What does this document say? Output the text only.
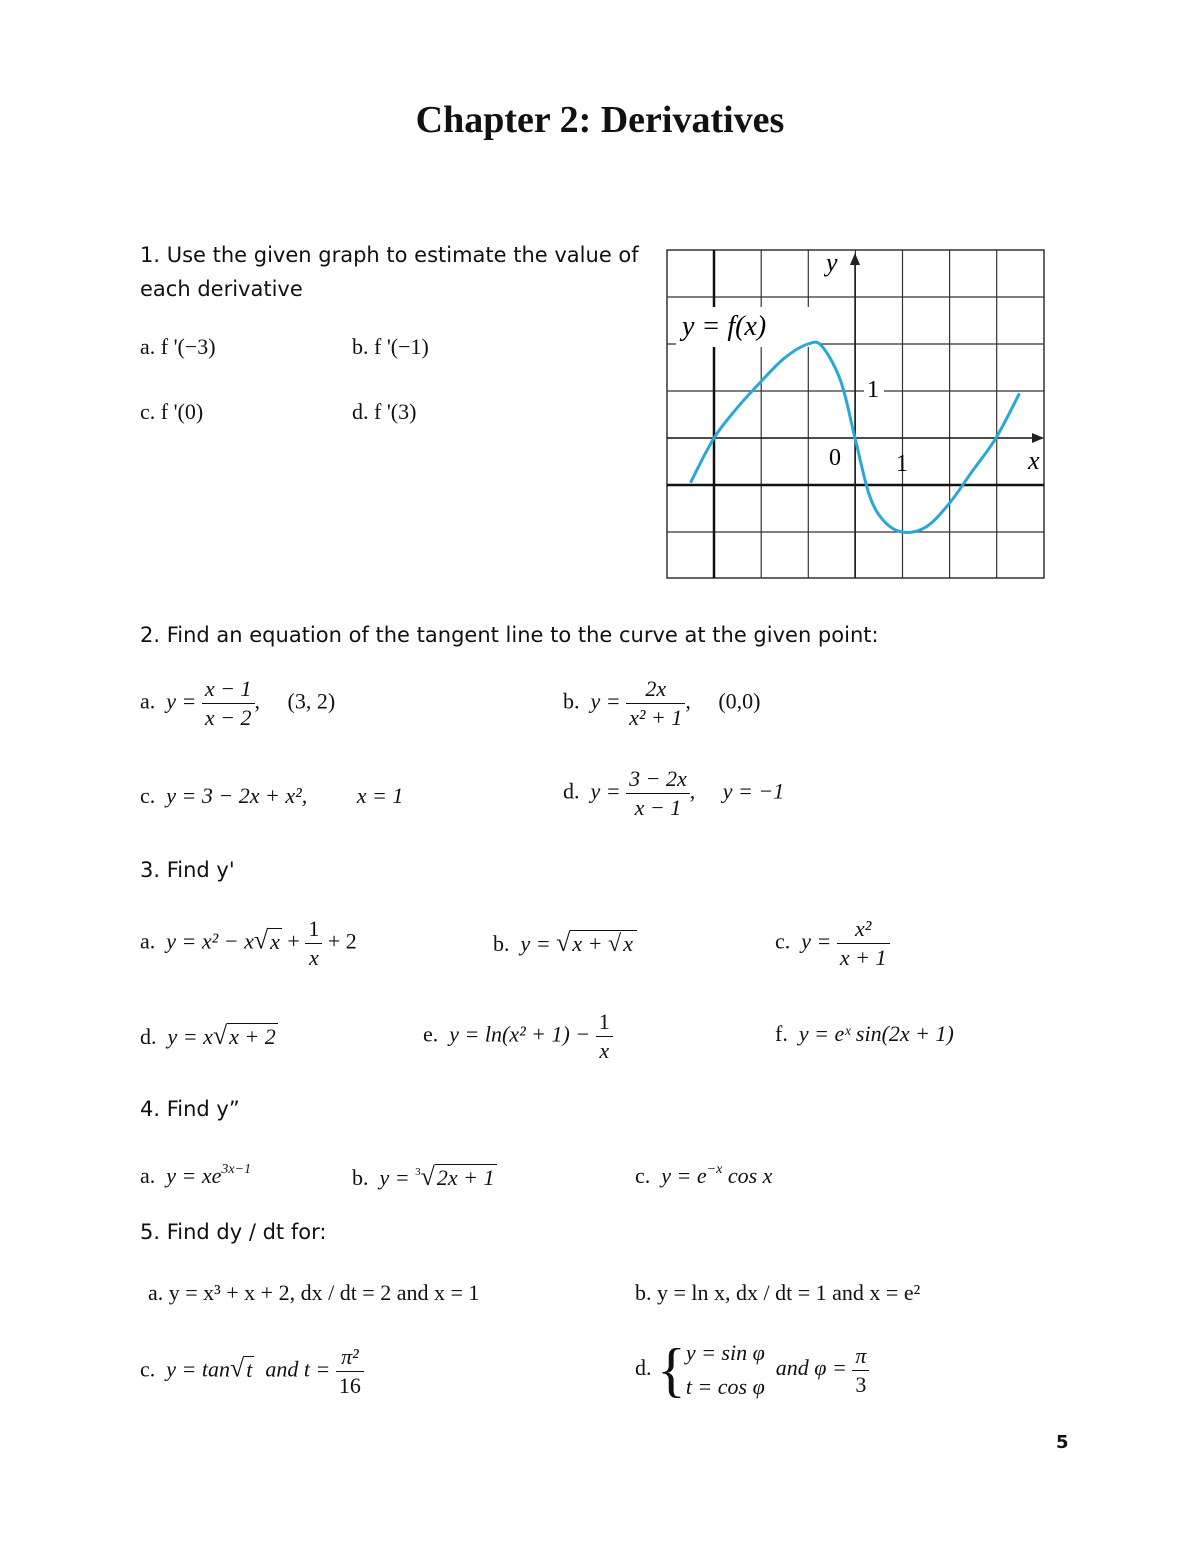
Chapter 2: Derivatives
1. Use the given graph to estimate the value of
each derivative
a. f '(−3)	b. f '(−1)
c. f '(0)	d. f '(3)
y = f(x)
1
0 1
y
x
2. Find an equation of the tangent line to the curve at the given point:
a. $y = \frac{x - 1}{x - 2}$ ,     (3, 2)	b. $y = \frac{2x}{\text{x² + 1}}$ ,     (0,0)
c. y = 3 − 2x + x², x = 1	d. $y = \frac{3 - 2x}{x - 1}$ ,     y = −1
3. Find y'
a. $y = x^2 - x√x + \frac{1}{x} + 2$	b. y = √x + √x	c. $y = \frac{\text{x²}}{x + 1}$
d. y = x√x + 2	e. $y = \ln(x^2 + 1) - \frac{1}{x}$	f. y = eˣ sin(2x + 1)
4. Find y”
a. $y = xe^{3x-1}$	b. y = $^3$√2x + 1	c. $y = e^{-x}$ cos x
5. Find dy / dt for:
a. y = x³ + x + 2, dx / dt = 2 and x = 1	b. y = ln x, dx / dt = 1 and x = e²
c. y = tan√t and $t = \frac{\text{π²}}{16}$	d. { y = sin φ
t = cos φ
and $\varphi = \frac{\pi}{3}$
5
